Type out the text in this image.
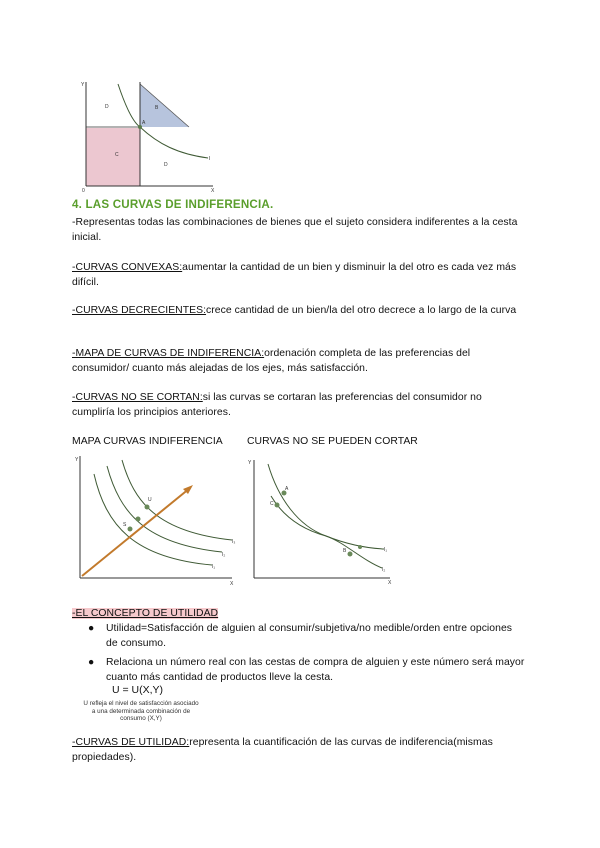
Y
X
0
D	B
C
D
A
I
4. LAS CURVAS DE INDIFERENCIA.
-Representas todas las combinaciones de bienes que el sujeto considera indiferentes a la cesta inicial.
-CURVAS CONVEXAS:aumentar la cantidad de un bien y disminuir la del otro es cada vez más difícil.
-CURVAS DECRECIENTES:crece cantidad de un bien/la del otro decrece a lo largo de la curva
-MAPA DE CURVAS DE INDIFERENCIA:ordenación completa de las preferencias del consumidor/ cuanto más alejadas de los ejes, más satisfacción.
-CURVAS NO SE CORTAN:si las curvas se cortaran las preferencias del consumidor no cumpliría los principios anteriores.
MAPA CURVAS INDIFERENCIA CURVAS NO SE PUEDEN CORTAR
Y
X
I₃
I₂
I₁
S
U
Y
X
A
C
B	I₁
I₂
-EL CONCEPTO DE UTILIDAD
● Utilidad=Satisfacción de alguien al consumir/subjetiva/no medible/orden entre opciones de consumo.
● Relaciona un número real con las cestas de compra de alguien y este número será mayor cuanto más cantidad de productos lleve la cesta.
U = U(X,Y)
U refleja el nivel de satisfacción asociado a una determinada combinación de consumo (X,Y)
-CURVAS DE UTILIDAD:representa la cuantificación de las curvas de indiferencia(mismas propiedades).
